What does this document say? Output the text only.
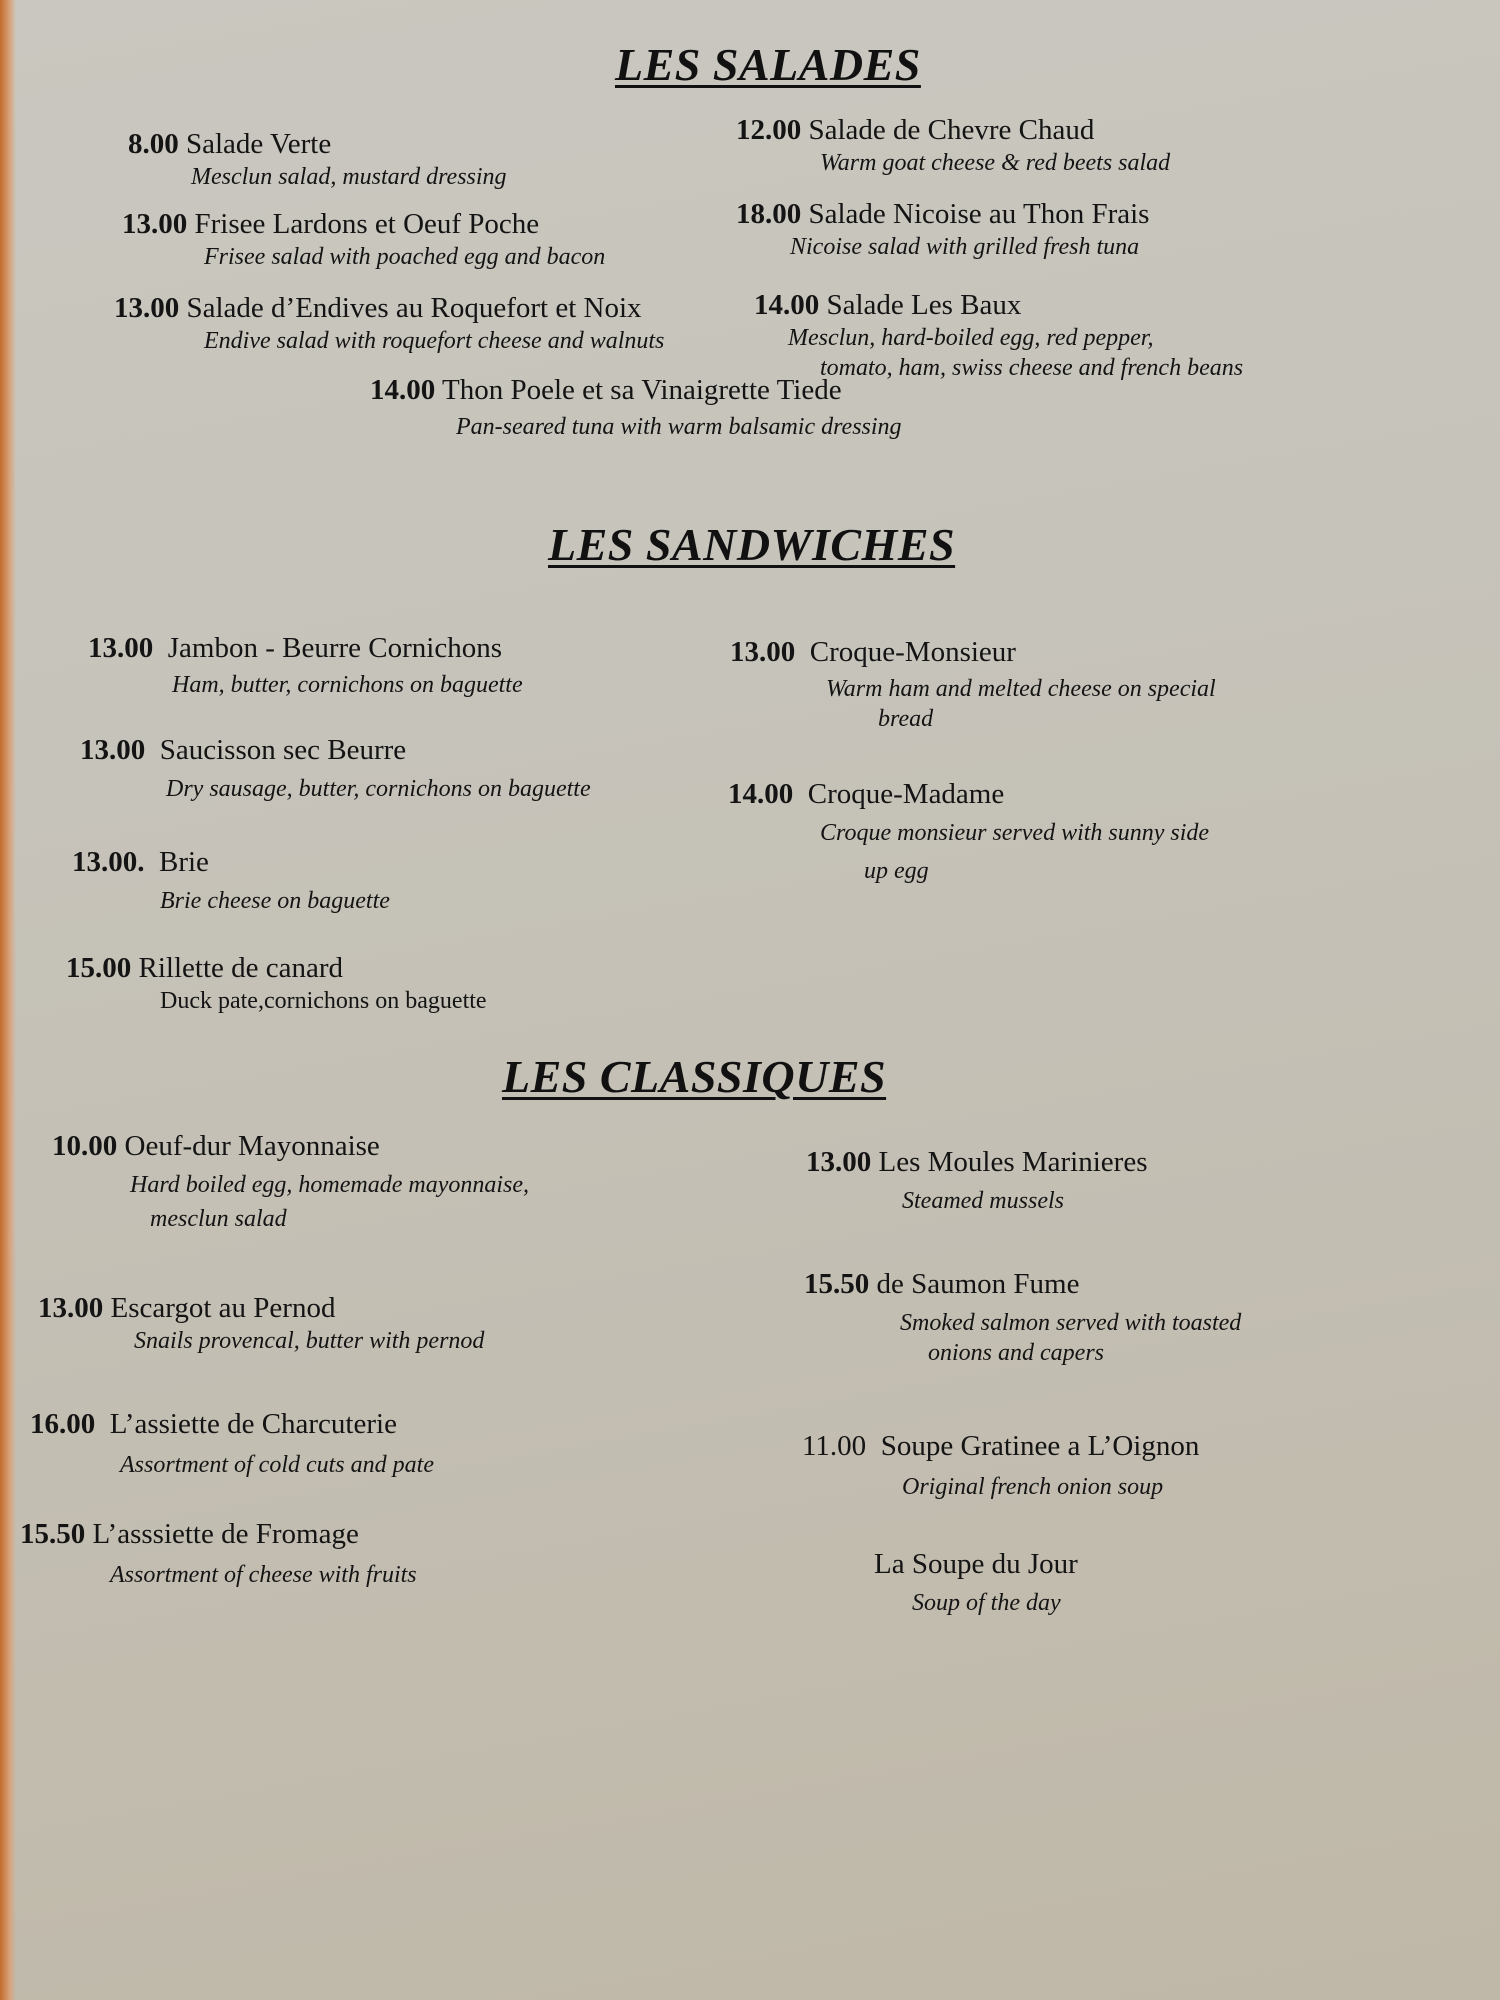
LES SALADES
8.00 Salade Verte
Mesclun salad, mustard dressing
12.00 Salade de Chevre Chaud
Warm goat cheese & red beets salad
13.00 Frisee Lardons et Oeuf Poche
Frisee salad with poached egg and bacon
18.00 Salade Nicoise au Thon Frais
Nicoise salad with grilled fresh tuna
13.00 Salade d’Endives au Roquefort et Noix
Endive salad with roquefort cheese and walnuts
14.00 Salade Les Baux
Mesclun, hard-boiled egg, red pepper,
tomato, ham, swiss cheese and french beans
14.00 Thon Poele et sa Vinaigrette Tiede
Pan-seared tuna with warm balsamic dressing
LES SANDWICHES
13.00 Jambon - Beurre Cornichons
Ham, butter, cornichons on baguette
13.00 Croque-Monsieur
Warm ham and melted cheese on special
bread
13.00 Saucisson sec Beurre
Dry sausage, butter, cornichons on baguette	14.00 Croque-Madame
Croque monsieur served with sunny side
up egg
13.00. Brie
Brie cheese on baguette
15.00 Rillette de canard
Duck pate,cornichons on baguette
LES CLASSIQUES
10.00 Oeuf-dur Mayonnaise
Hard boiled egg, homemade mayonnaise,
mesclun salad
13.00 Les Moules Marinieres
Steamed mussels
15.50 de Saumon Fume
Smoked salmon served with toasted
onions and capers
13.00 Escargot au Pernod
Snails provencal, butter with pernod
16.00 L’assiette de Charcuterie
Assortment of cold cuts and pate
11.00 Soupe Gratinee a L’Oignon
Original french onion soup
15.50 L’asssiette de Fromage
Assortment of cheese with fruits	La Soupe du Jour
Soup of the day
